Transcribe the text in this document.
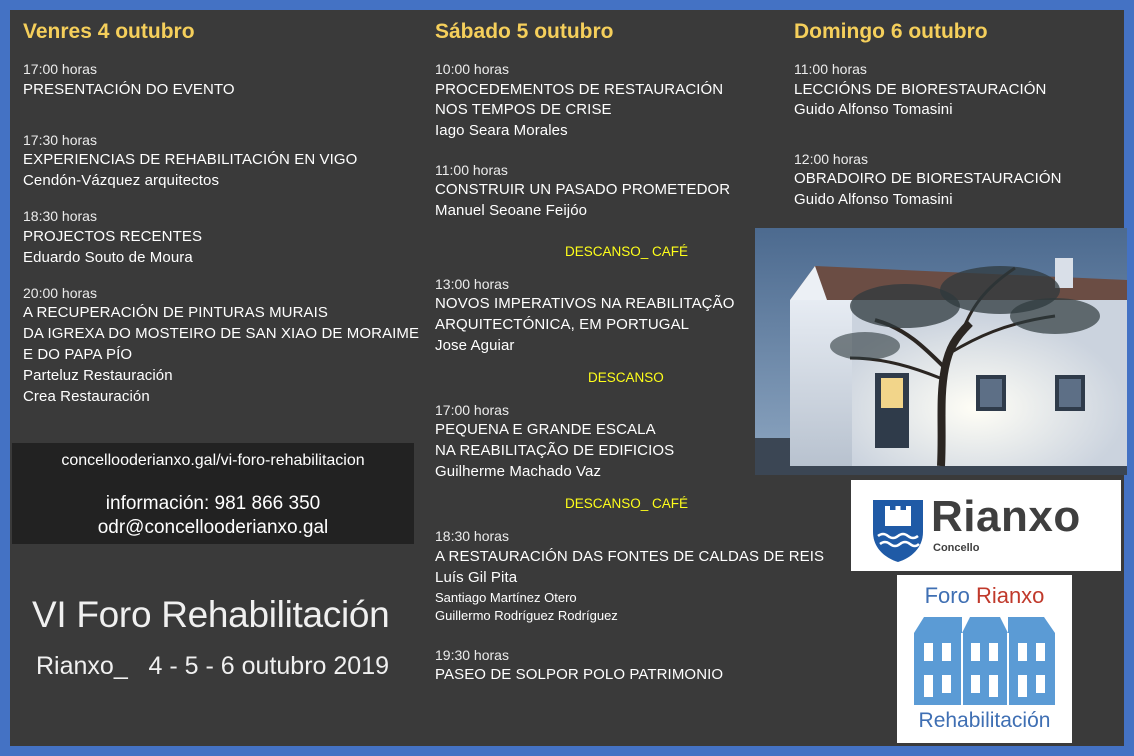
Venres 4 outubro	Sábado 5 outubro	Domingo 6 outubro
17:00 horas
PRESENTACIÓN DO EVENTO
17:30 horas
EXPERIENCIAS DE REHABILITACIÓN EN VIGO
Cendón-Vázquez arquitectos
18:30 horas
PROJECTOS RECENTES
Eduardo Souto de Moura
20:00 horas
A RECUPERACIÓN DE PINTURAS MURAIS
DA IGREXA DO MOSTEIRO DE SAN XIAO DE MORAIME
E DO PAPA PÍO
Parteluz Restauración
Crea Restauración
concellooderianxo.gal/vi-foro-rehabilitacion
información: 981 866 350
odr@concellooderianxo.gal
VI Foro Rehabilitación
Rianxo_   4 - 5 - 6 outubro 2019
10:00 horas
PROCEDEMENTOS DE RESTAURACIÓN
NOS TEMPOS DE CRISE
Iago Seara Morales
11:00 horas
CONSTRUIR UN PASADO PROMETEDOR
Manuel Seoane Feijóo
DESCANSO_ CAFÉ
13:00 horas
NOVOS IMPERATIVOS NA REABILITAÇÃO
ARQUITECTÓNICA, EM PORTUGAL
Jose Aguiar
DESCANSO
17:00 horas
PEQUENA E GRANDE ESCALA
NA REABILITAÇÃO DE EDIFICIOS
Guilherme Machado Vaz
DESCANSO_ CAFÉ
18:30 horas
A RESTAURACIÓN DAS FONTES DE CALDAS DE REIS
Luís Gil Pita
Santiago Martínez Otero
Guillermo Rodríguez Rodríguez
19:30 horas
PASEO DE SOLPOR POLO PATRIMONIO
11:00 horas
LECCIÓNS DE BIORESTAURACIÓN
Guido Alfonso Tomasini
12:00 horas
OBRADOIRO DE BIORESTAURACIÓN
Guido Alfonso Tomasini
Rianxo
Concello
Foro Rianxo
Rehabilitación
